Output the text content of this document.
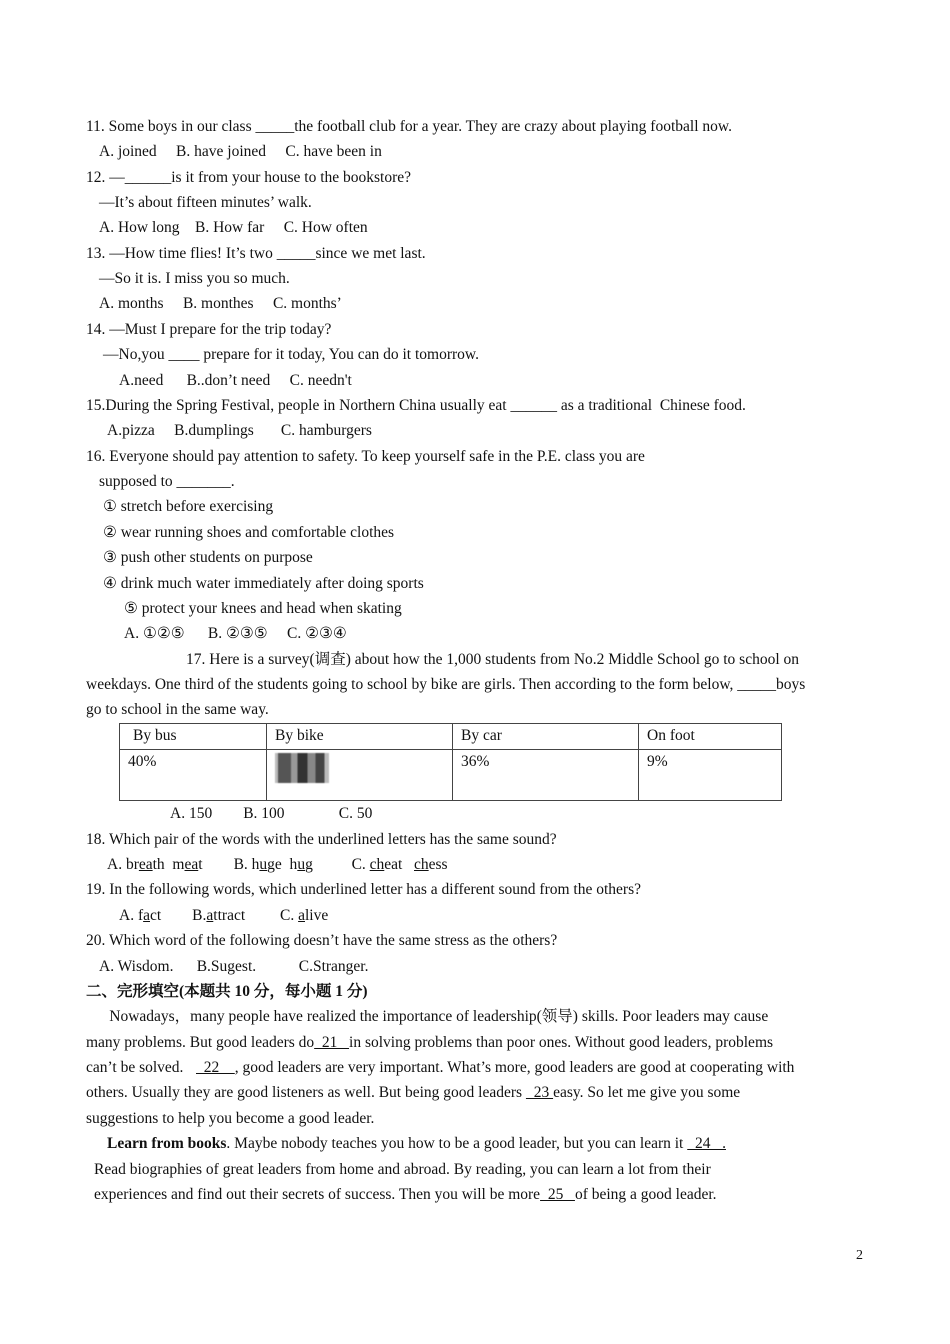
A. breath  meat        B. huge  hug          C. cheat   chess
A. fact        B.attract         C. alive
二、完形填空(本题共 10 分，每小题 1 分)
many problems. But good leaders do  21   in solving problems than poor ones. Without good leaders, problems
22    , good leaders are very important. What’s more, good leaders are good at cooperating with
others. Usually they are good listeners as well. But being good leaders   23 easy. So let me give you some
Learn from books. Maybe nobody teaches you how to be a good leader, but you can learn it   24   .
experiences and find out their secrets of success. Then you will be more  25   of being a good leader.
By bus	By bike	By car	On foot
40%		36%	9%
2
11. Some boys in our class _____the football club for a year. They are crazy about playing football now.
A. joined     B. have joined     C. have been in
12. —______is it from your house to the bookstore?
—It’s about fifteen minutes’ walk.
A. How long    B. How far     C. How often
13. —How time flies! It’s two _____since we met last.
—So it is. I miss you so much.
A. months     B. monthes     C. months’
14. —Must I prepare for the trip today?
—No,you ____ prepare for it today, You can do it tomorrow.
A.need      B..don’t need     C. needn't
15.During the Spring Festival, people in Northern China usually eat ______ as a traditional  Chinese food.
A.pizza     B.dumplings       C. hamburgers
16. Everyone should pay attention to safety. To keep yourself safe in the P.E. class you are
supposed to _______.
① stretch before exercising
② wear running shoes and comfortable clothes
③ push other students on purpose
④ drink much water immediately after doing sports
⑤ protect your knees and head when skating
A. ①②⑤      B. ②③⑤     C. ②③④
17. Here is a survey(调查) about how the 1,000 students from No.2 Middle School go to school on
weekdays. One third of the students going to school by bike are girls. Then according to the form below, _____boys
go to school in the same way.
A. 150        B. 100              C. 50
18. Which pair of the words with the underlined letters has the same sound?
19. In the following words, which underlined letter has a different sound from the others?
20. Which word of the following doesn’t have the same stress as the others?
A. Wisdom.      B.Sugest.           C.Stranger.
Nowadays，many people have realized the importance of leadership(领导) skills. Poor leaders may cause
can’t be solved.
suggestions to help you become a good leader.
Read biographies of great leaders from home and abroad. By reading, you can learn a lot from their
